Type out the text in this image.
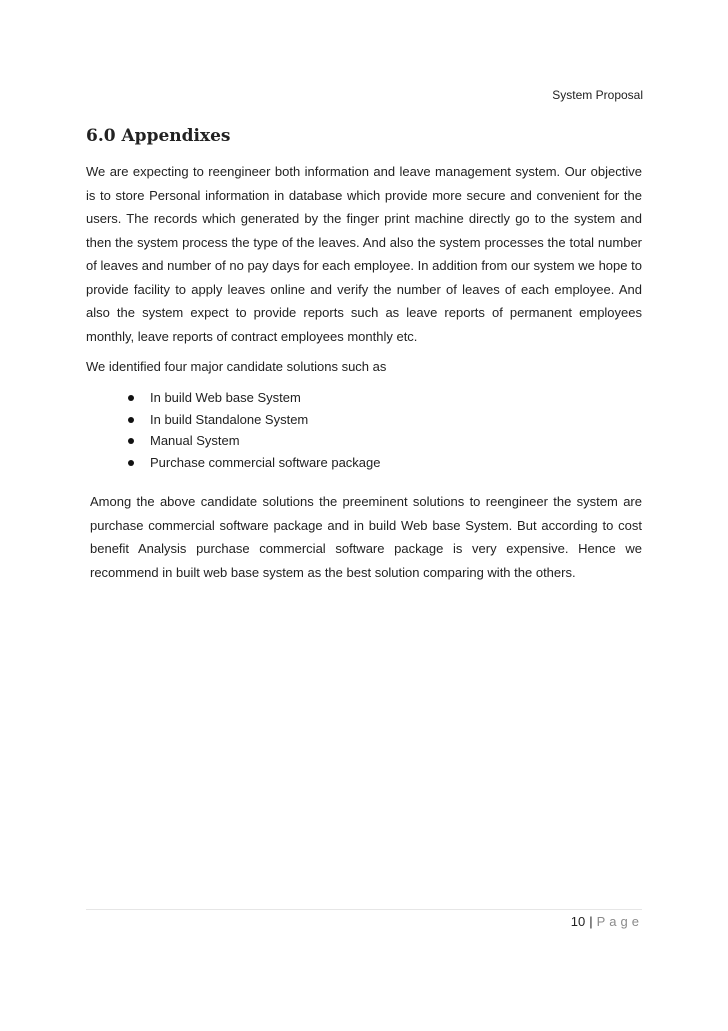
System Proposal
6.0 Appendixes

We are expecting to reengineer both information and leave management system. Our objective is to store Personal information in database which provide more secure and convenient for the users. The records which generated by the finger print machine directly go to the system and then the system process the type of the leaves. And also the system processes the total number of leaves and number of no pay days for each employee. In addition from our system we hope to provide facility to apply leaves online and verify the number of leaves of each employee. And also the system expect to provide reports such as leave reports of permanent employees monthly, leave reports of contract employees monthly etc.

We identified four major candidate solutions such as

In build Web base System
In build Standalone System
Manual System
Purchase commercial software package

Among the above candidate solutions the preeminent solutions to reengineer the system are purchase commercial software package and in build Web base System. But according to cost benefit Analysis purchase commercial software package is very expensive. Hence we recommend in built web base system as the best solution comparing with the others.

10 | Page
